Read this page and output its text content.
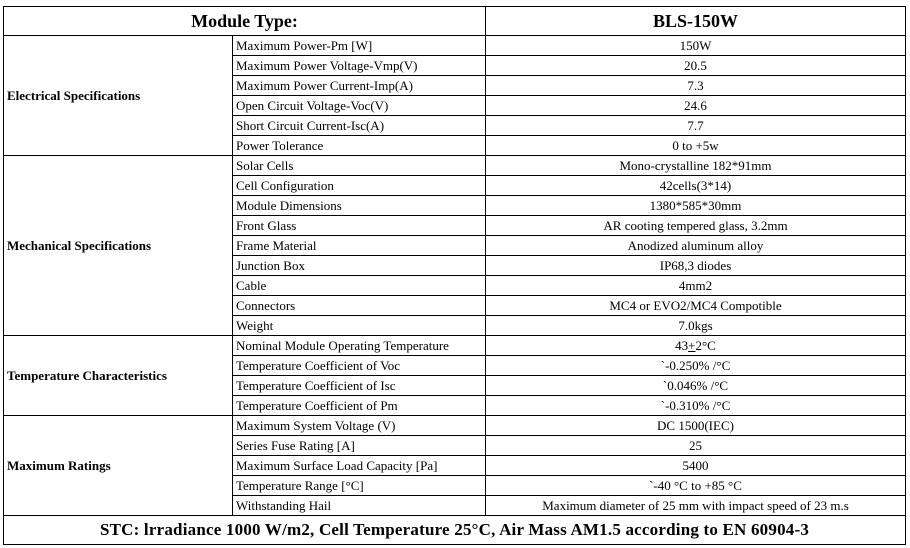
Module Type:		BLS-150W
Electrical Specifications	Maximum Power-Pm [W]	150W
	Maximum Power Voltage-Vmp(V)	20.5
	Maximum Power Current-Imp(A)	7.3
	Open Circuit Voltage-Voc(V)	24.6
	Short Circuit Current-Isc(A)	7.7
	Power Tolerance	0 to +5w
Mechanical Specifications	Solar Cells	Mono-crystalline 182*91mm
	Cell Configuration	42cells(3*14)
	Module Dimensions	1380*585*30mm
	Front Glass	AR cooting tempered glass, 3.2mm
	Frame Material	Anodized aluminum alloy
	Junction Box	IP68,3 diodes
	Cable	4mm2
	Connectors	MC4 or EVO2/MC4 Compotible
	Weight	7.0kgs
Temperature Characteristics	Nominal Module Operating Temperature	43+2°C
	Temperature Coefficient of Voc	`-0.250% /°C
	Temperature Coefficient of Isc	`0.046% /°C
	Temperature Coefficient of Pm	`-0.310% /°C
Maximum Ratings	Maximum System Voltage (V)	DC 1500(IEC)
	Series Fuse Rating [A]	25
	Maximum Surface Load Capacity [Pa]	5400
	Temperature Range [°C]	`-40 °C to +85 °C
	Withstanding Hail	Maximum diameter of 25 mm with impact speed of 23 m.s
STC: lrradiance 1000 W/m2, Cell Temperature 25°C, Air Mass AM1.5 according to EN 60904-3		
